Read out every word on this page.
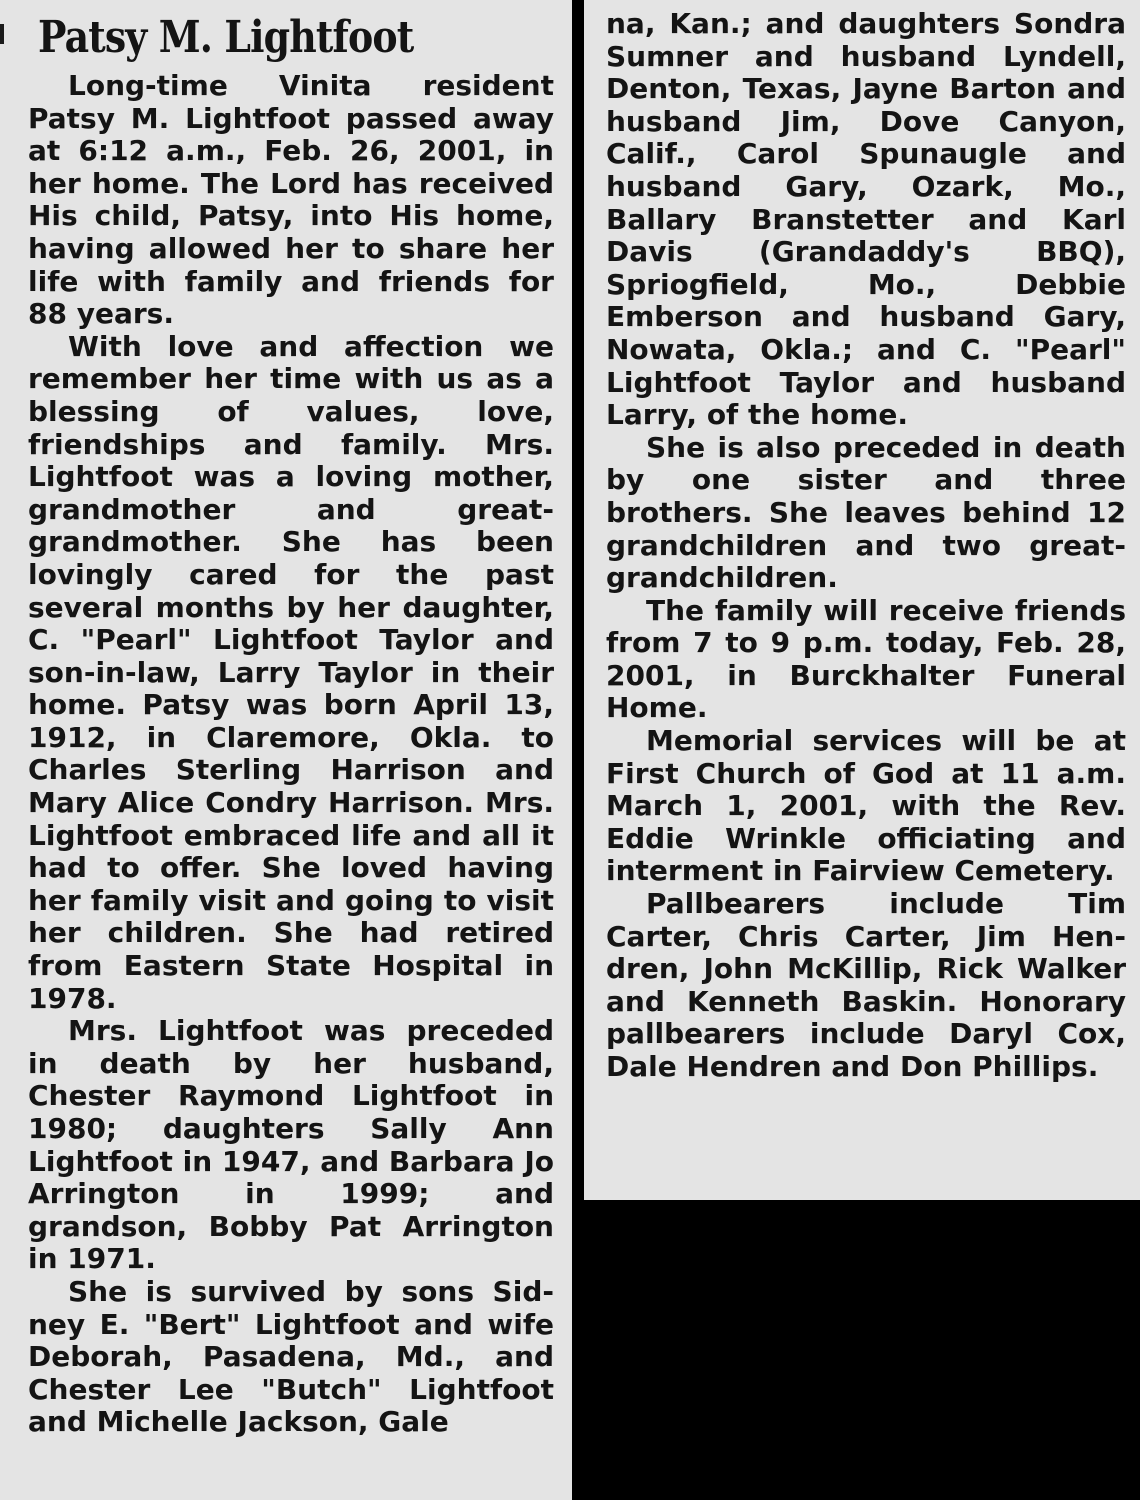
Patsy M. Lightfoot

Long-time Vinita resident Patsy M. Lightfoot passed away at 6:12 a.m., Feb. 26, 2001, in her home. The Lord has received His child, Patsy, into His home, having allowed her to share her life with family and friends for 88 years.

With love and affection we remember her time with us as a blessing of values, love, friendships and family. Mrs. Lightfoot was a loving mother, grandmother and greatgrandmother. She has been lovingly cared for the past several months by her daughter, C. "Pearl" Lightfoot Taylor and son-in-law, Larry Taylor in their home. Patsy was born April 13, 1912, in Claremore, Okla. to Charles Sterling Harrison and Mary Alice Condry Harrison. Mrs. Lightfoot embraced life and all it had to offer. She loved having her family visit and going to visit her children. She had retired from Eastern State Hospital in 1978.

Mrs. Lightfoot was preceded in death by her husband, Chester Raymond Lightfoot in 1980; daughters Sally Ann Lightfoot in 1947, and Barbara Jo Arrington in 1999; and grandson, Bobby Pat Arrington in 1971.

She is survived by sons Sidney E. "Bert" Lightfoot and wife Deborah, Pasadena, Md., and Chester Lee "Butch" Lightfoot and Michelle Jackson, Gale

na, Kan.; and daughters Sondra Sumner and husband Lyndell, Denton, Texas, Jayne Barton and husband Jim, Dove Canyon, Calif., Carol Spunaugle and husband Gary, Ozark, Mo., Ballary Branstetter and Karl Davis (Grandaddy's BBQ), Spriogfield, Mo., Debbie Emberson and husband Gary, Nowata, Okla.; and C. "Pearl" Lightfoot Taylor and husband Larry, of the home.

She is also preceded in death by one sister and three brothers. She leaves behind 12 grandchildren and two greatgrandchildren.

The family will receive friends from 7 to 9 p.m. today, Feb. 28, 2001, in Burckhalter Funeral Home.

Memorial services will be at First Church of God at 11 a.m. March 1, 2001, with the Rev. Eddie Wrinkle officiating and interment in Fairview Cemetery.

Pallbearers include Tim Carter, Chris Carter, Jim Hendren, John McKillip, Rick Walker and Kenneth Baskin. Honorary pallbearers include Daryl Cox, Dale Hendren and Don Phillips.
